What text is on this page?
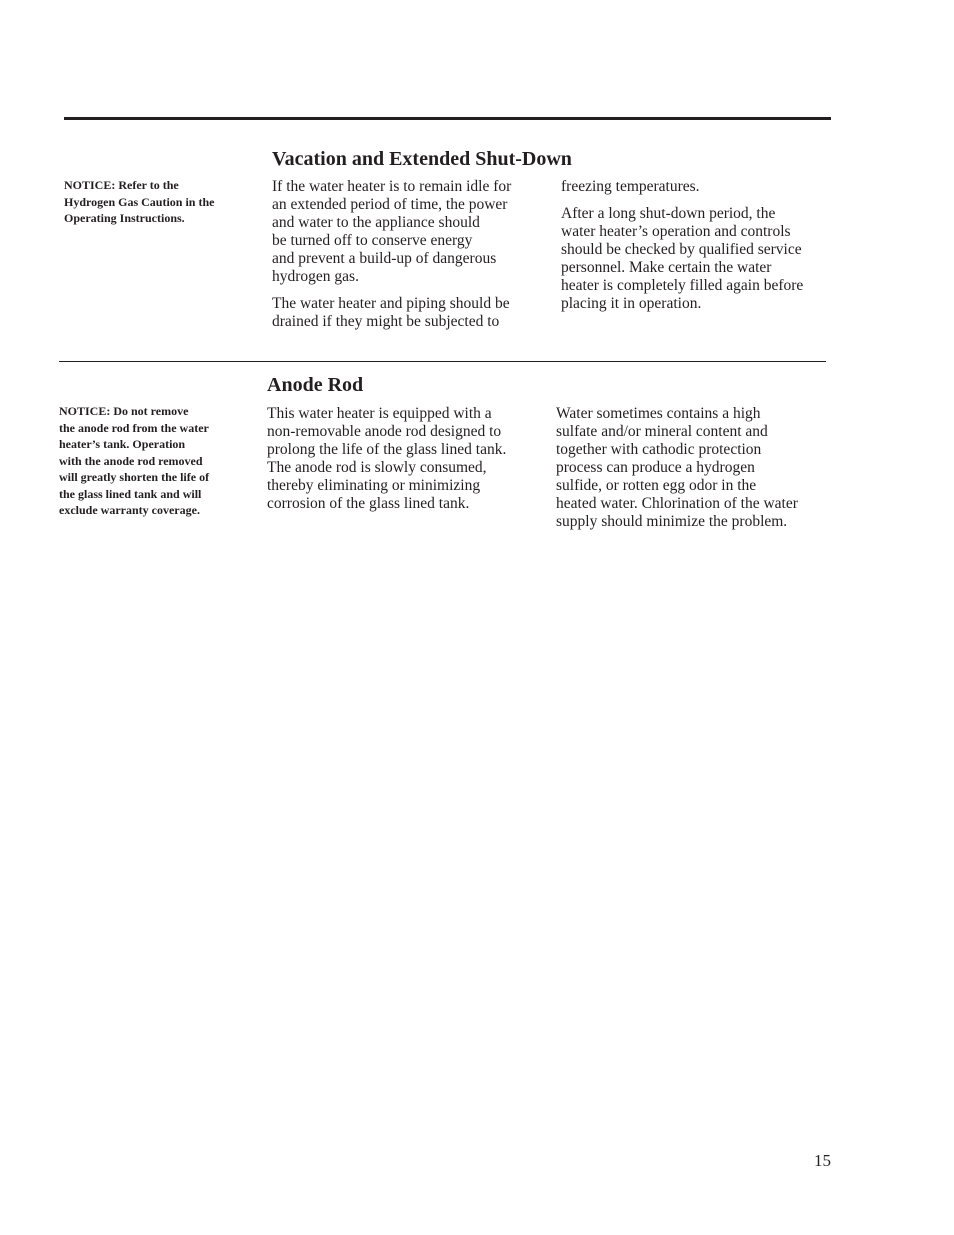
Vacation and Extended Shut-Down
NOTICE: Refer to the
Hydrogen Gas Caution in the
Operating Instructions.

If the water heater is to remain idle for
an extended period of time, the power
and water to the appliance should
be turned off to conserve energy
and prevent a build-up of dangerous
hydrogen gas.

The water heater and piping should be
drained if they might be subjected to

freezing temperatures.

After a long shut-down period, the
water heater’s operation and controls
should be checked by qualified service
personnel. Make certain the water
heater is completely filled again before
placing it in operation.

Anode Rod
NOTICE: Do not remove
the anode rod from the water
heater’s tank. Operation
with the anode rod removed
will greatly shorten the life of
the glass lined tank and will
exclude warranty coverage.

This water heater is equipped with a
non-removable anode rod designed to
prolong the life of the glass lined tank.
The anode rod is slowly consumed,
thereby eliminating or minimizing
corrosion of the glass lined tank.

Water sometimes contains a high
sulfate and/or mineral content and
together with cathodic protection
process can produce a hydrogen
sulfide, or rotten egg odor in the
heated water. Chlorination of the water
supply should minimize the problem.

15
